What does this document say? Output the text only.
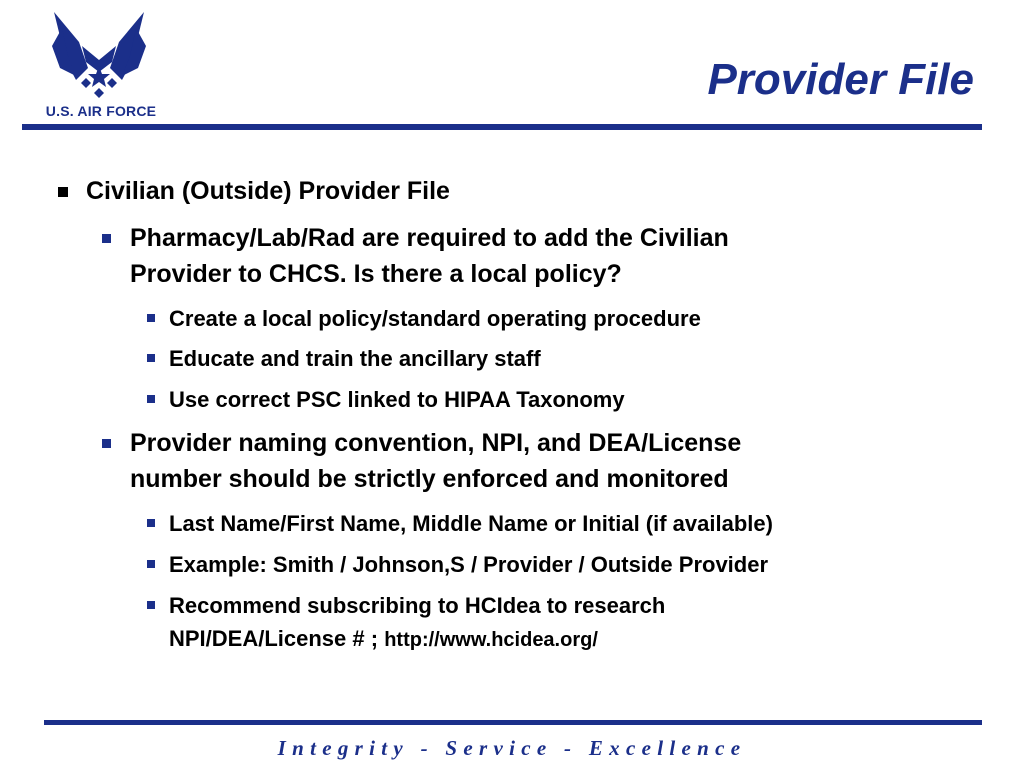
U.S. AIR FORCE
Provider File
Civilian (Outside) Provider File
Pharmacy/Lab/Rad are required to add the Civilian
Provider to CHCS. Is there a local policy?
Create a local policy/standard operating procedure
Educate and train the ancillary staff
Use correct PSC linked to HIPAA Taxonomy
Provider naming convention, NPI, and DEA/License
number should be strictly enforced and monitored
Last Name/First Name, Middle Name or Initial (if available)
Example: Smith / Johnson,S / Provider / Outside Provider
Recommend subscribing to HCIdea to research
NPI/DEA/License # ; http://www.hcidea.org/
Integrity - Service - Excellence
